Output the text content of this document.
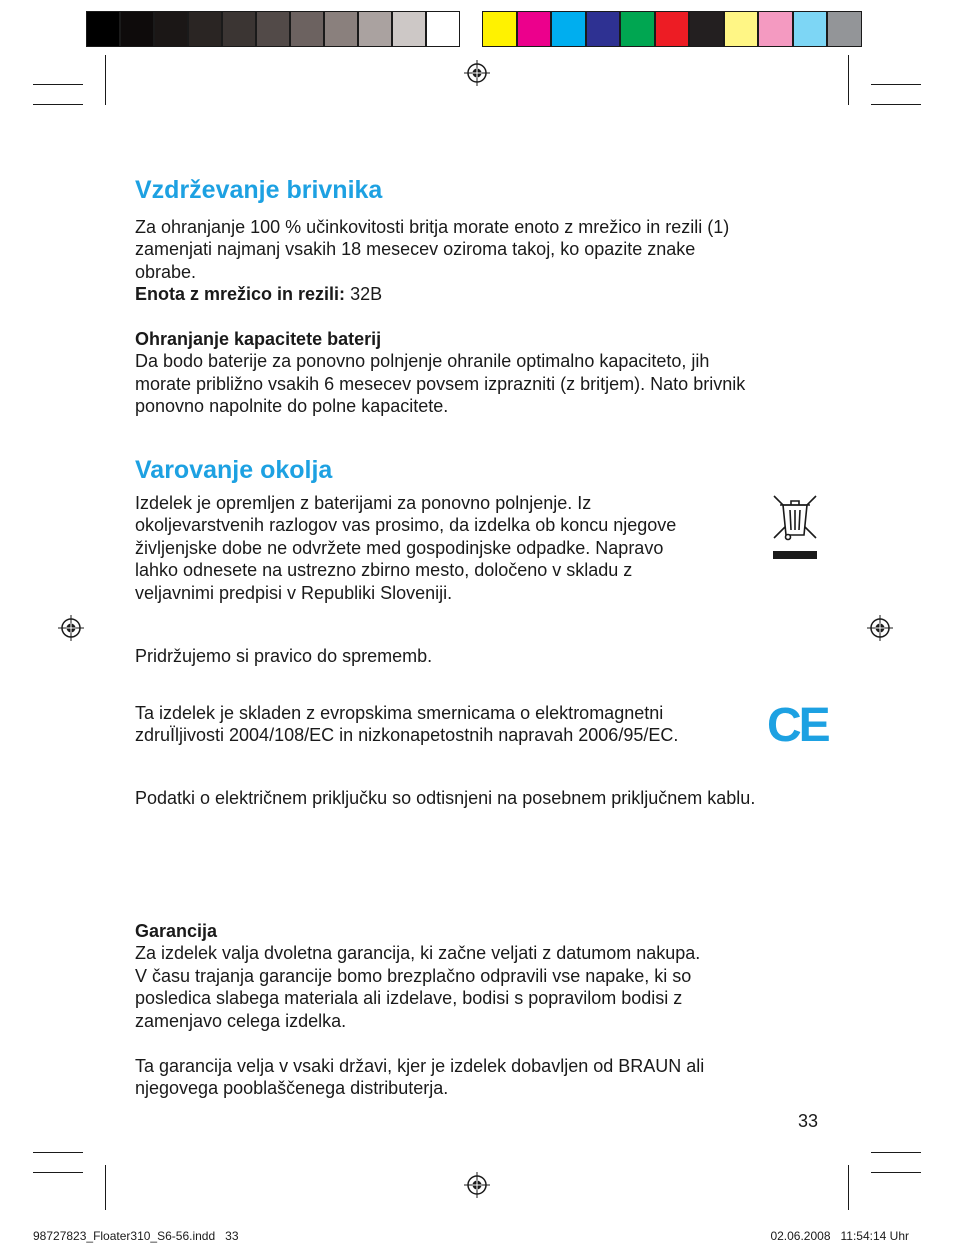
Vzdrževanje brivnika

Za ohranjanje 100 % učinkovitosti britja morate enoto z mrežico in rezili (1)
zamenjati najmanj vsakih 18 mesecev oziroma takoj, ko opazite znake
obrabe.
Enota z mrežico in rezili: 32B

Ohranjanje kapacitete baterij
Da bodo baterije za ponovno polnjenje ohranile optimalno kapaciteto, jih
morate približno vsakih 6 mesecev povsem izprazniti (z britjem). Nato brivnik
ponovno napolnite do polne kapacitete.

Varovanje okolja

Izdelek je opremljen z baterijami za ponovno polnjenje. Iz
okoljevarstvenih razlogov vas prosimo, da izdelka ob koncu njegove
življenjske dobe ne odvržete med gospodinjske odpadke. Napravo
lahko odnesete na ustrezno zbirno mesto, določeno v skladu z
veljavnimi predpisi v Republiki Sloveniji.

Pridržujemo si pravico do sprememb.

Ta izdelek je skladen z evropskima smernicama o elektromagnetni
zdruÏljivosti 2004/108/EC in nizkonapetostnih napravah 2006/95/EC. CE

Podatki o električnem priključku so odtisnjeni na posebnem priključnem kablu.

Garancija
Za izdelek valja dvoletna garancija, ki začne veljati z datumom nakupa.
V času trajanja garancije bomo brezplačno odpravili vse napake, ki so
posledica slabega materiala ali izdelave, bodisi s popravilom bodisi z
zamenjavo celega izdelka.

Ta garancija velja v vsaki državi, kjer je izdelek dobavljen od BRAUN ali
njegovega pooblaščenega distributerja.

33
98727823_Floater310_S6-56.indd   33	02.06.2008   11:54:14 Uhr
